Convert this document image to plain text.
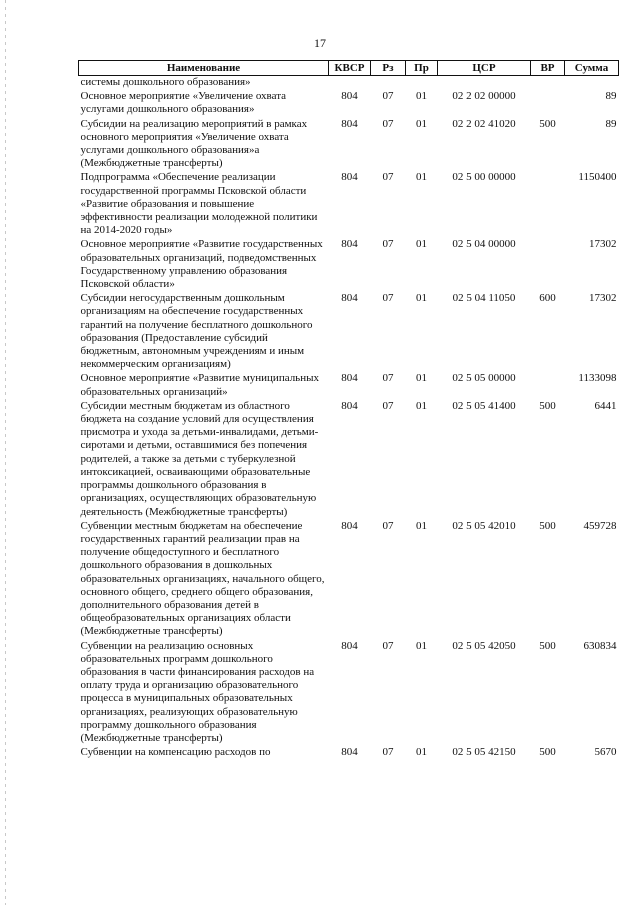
17
Наименование	КВСР	Рз	Пр	ЦСР	ВР	Сумма
системы дошкольного образования»						
Основное мероприятие «Увеличение охвата услугами дошкольного образования»	804	07	01	02 2 02 00000		89
Субсидии на реализацию мероприятий в рамках основного мероприятия «Увеличение охвата услугами дошкольного образования»а (Межбюджетные трансферты)	804	07	01	02 2 02 41020	500	89
Подпрограмма «Обеспечение реализации государственной программы Псковской области «Развитие образования и повышение эффективности реализации молодежной политики на 2014-2020 годы»	804	07	01	02 5 00 00000		1150400
Основное мероприятие «Развитие государственных образовательных организаций, подведомственных Государственному управлению образования Псковской области»	804	07	01	02 5 04 00000		17302
Субсидии негосударственным дошкольным организациям на обеспечение государственных гарантий на получение бесплатного дошкольного образования (Предоставление субсидий бюджетным, автономным учреждениям и иным некоммерческим организациям)	804	07	01	02 5 04 11050	600	17302
Основное мероприятие «Развитие муниципальных образовательных организаций»	804	07	01	02 5 05 00000		1133098
Субсидии местным бюджетам из областного бюджета на создание условий для осуществления присмотра и ухода за детьми-инвалидами, детьми-сиротами и детьми, оставшимися без попечения родителей, а также за детьми с туберкулезной интоксикацией, осваивающими образовательные программы дошкольного образования в организациях, осуществляющих образовательную деятельность (Межбюджетные трансферты)	804	07	01	02 5 05 41400	500	6441
Субвенции местным бюджетам на обеспечение государственных гарантий реализации прав на получение общедоступного и бесплатного дошкольного образования в дошкольных образовательных организациях, начального общего, основного общего, среднего общего образования, дополнительного образования детей в общеобразовательных организациях области (Межбюджетные трансферты)	804	07	01	02 5 05 42010	500	459728
Субвенции на реализацию основных образовательных программ дошкольного образования в части финансирования расходов на оплату труда и организацию образовательного процесса в муниципальных образовательных организациях, реализующих образовательную программу дошкольного образования (Межбюджетные трансферты)	804	07	01	02 5 05 42050	500	630834
Субвенции на компенсацию расходов по	804	07	01	02 5 05 42150	500	5670
